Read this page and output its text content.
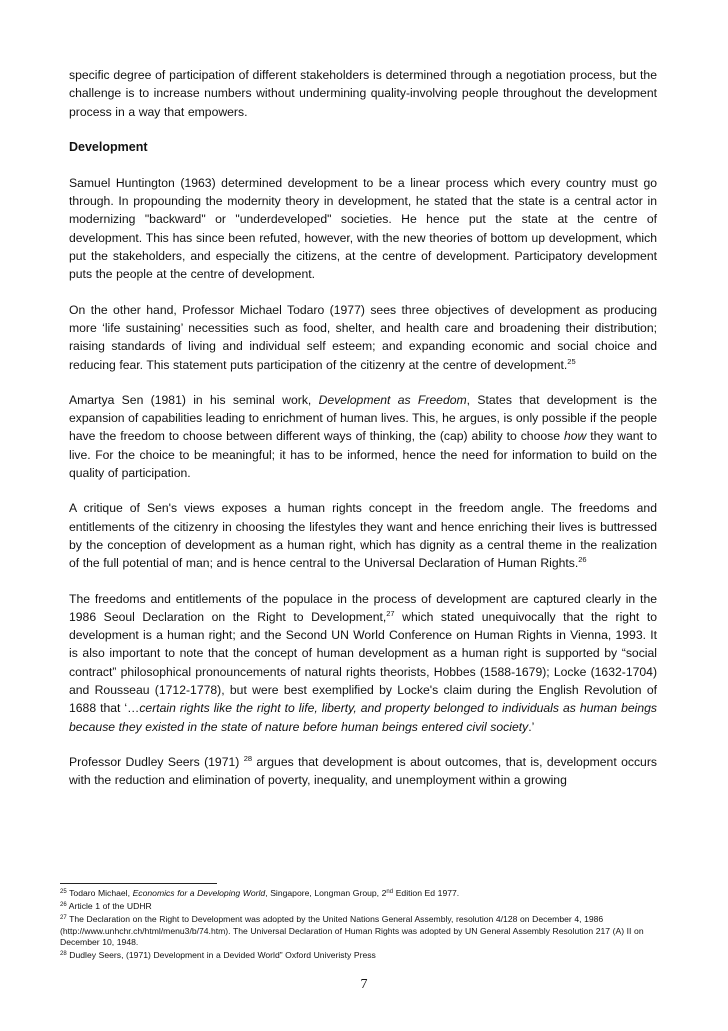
specific degree of participation of different stakeholders is determined through a negotiation process, but the challenge is to increase numbers without undermining quality-involving people throughout the development process in a way that empowers.

Development

Samuel Huntington (1963) determined development to be a linear process which every country must go through. In propounding the modernity theory in development, he stated that the state is a central actor in modernizing "backward" or "underdeveloped" societies. He hence put the state at the centre of development. This has since been refuted, however, with the new theories of bottom up development, which put the stakeholders, and especially the citizens, at the centre of development. Participatory development puts the people at the centre of development.

On the other hand, Professor Michael Todaro (1977) sees three objectives of development as producing more ‘life sustaining’ necessities such as food, shelter, and health care and broadening their distribution; raising standards of living and individual self esteem; and expanding economic and social choice and reducing fear. This statement puts participation of the citizenry at the centre of development.$^{25}$

Amartya Sen (1981) in his seminal work, Development as Freedom, States that development is the expansion of capabilities leading to enrichment of human lives. This, he argues, is only possible if the people have the freedom to choose between different ways of thinking, the (cap) ability to choose how they want to live. For the choice to be meaningful; it has to be informed, hence the need for information to build on the quality of participation.

A critique of Sen's views exposes a human rights concept in the freedom angle. The freedoms and entitlements of the citizenry in choosing the lifestyles they want and hence enriching their lives is buttressed by the conception of development as a human right, which has dignity as a central theme in the realization of the full potential of man; and is hence central to the Universal Declaration of Human Rights.$^{26}$

The freedoms and entitlements of the populace in the process of development are captured clearly in the 1986 Seoul Declaration on the Right to Development,$^{27}$ which stated unequivocally that the right to development is a human right; and the Second UN World Conference on Human Rights in Vienna, 1993. It is also important to note that the concept of human development as a human right is supported by “social contract” philosophical pronouncements of natural rights theorists, Hobbes (1588-1679); Locke (1632-1704) and Rousseau (1712-1778), but were best exemplified by Locke's claim during the English Revolution of 1688 that ‘…certain rights like the right to life, liberty, and property belonged to individuals as human beings because they existed in the state of nature before human beings entered civil society.’

Professor Dudley Seers (1971) $^{28}$ argues that development is about outcomes, that is, development occurs with the reduction and elimination of poverty, inequality, and unemployment within a growing

$^{25}$ Todaro Michael, Economics for a Developing World, Singapore, Longman Group, 2nd Edition Ed 1977.

$^{26}$ Article 1 of the UDHR

$^{27}$ The Declaration on the Right to Development was adopted by the United Nations General Assembly, resolution 4/128 on December 4, 1986 (http://www.unhchr.ch/html/menu3/b/74.htm). The Universal Declaration of Human Rights was adopted by UN General Assembly Resolution 217 (A) II on December 10, 1948.

$^{28}$ Dudley Seers, (1971) Development in a Devided World” Oxford Univeristy Press

7
